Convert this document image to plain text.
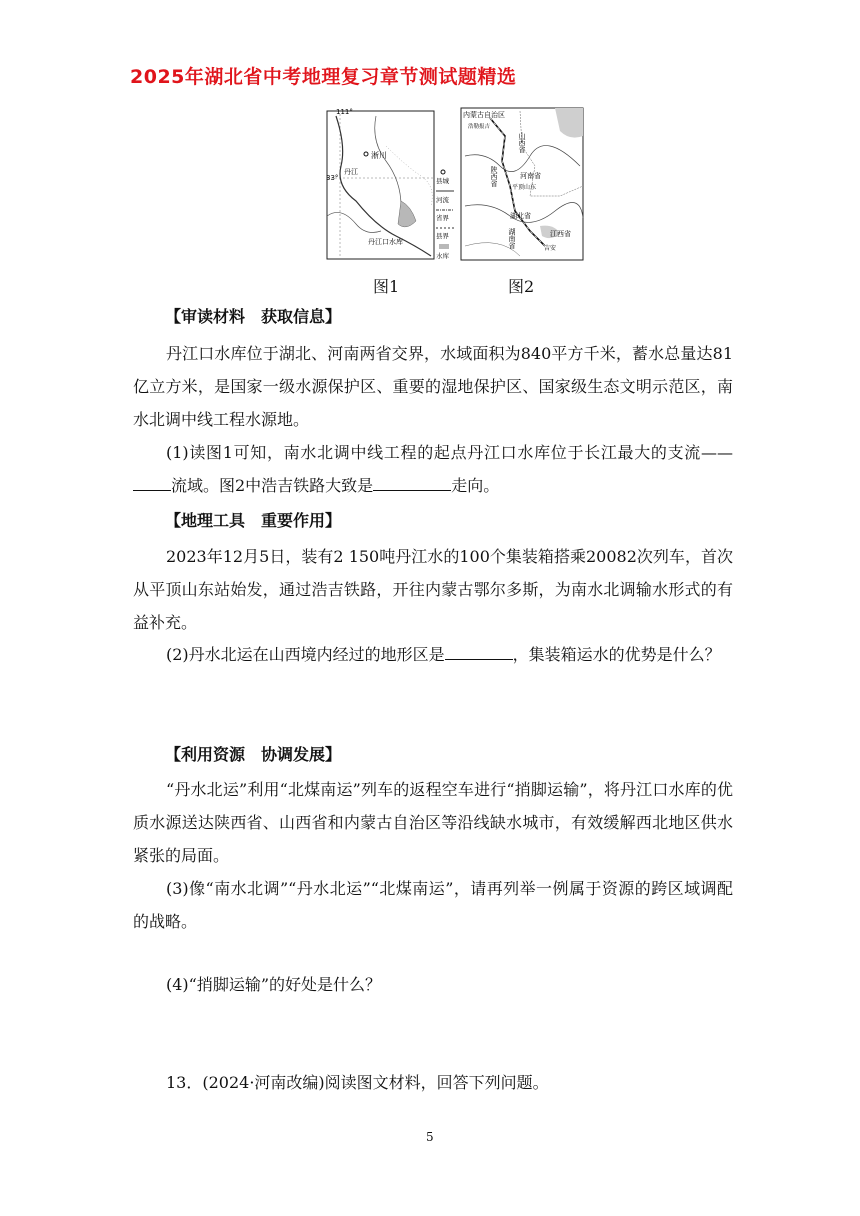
2025年湖北省中考地理复习章节测试题精选
111°
33°
淅川
丹江
丹江口水库
县城
河流
省界
县界
水库
内蒙古自治区
浩勒报吉
山西省
陕西省	河南省
平顶山东
湖北省
湖南省	江西省
吉安
图1	图2
【审读材料　获取信息】
丹江口水库位于湖北、河南两省交界，水域面积为840平方千米，蓄水总量达81亿立方米，是国家一级水源保护区、重要的湿地保护区、国家级生态文明示范区，南水北调中线工程水源地。
(1)读图1可知，南水北调中线工程的起点丹江口水库位于长江最大的支流——流域。图2中浩吉铁路大致是	走向。
【地理工具　重要作用】
2023年12月5日，装有2 150吨丹江水的100个集装箱搭乘20082次列车，首次从平顶山东站始发，通过浩吉铁路，开往内蒙古鄂尔多斯，为南水北调输水形式的有益补充。
(2)丹水北运在山西境内经过的地形区是	，集装箱运水的优势是什么？
【利用资源　协调发展】
“丹水北运”利用“北煤南运”列车的返程空车进行“捎脚运输”，将丹江口水库的优质水源送达陕西省、山西省和内蒙古自治区等沿线缺水城市，有效缓解西北地区供水紧张的局面。
(3)像“南水北调”“丹水北运”“北煤南运”，请再列举一例属于资源的跨区域调配的战略。
(4)“捎脚运输”的好处是什么？
13．(2024·河南改编)阅读图文材料，回答下列问题。
5
